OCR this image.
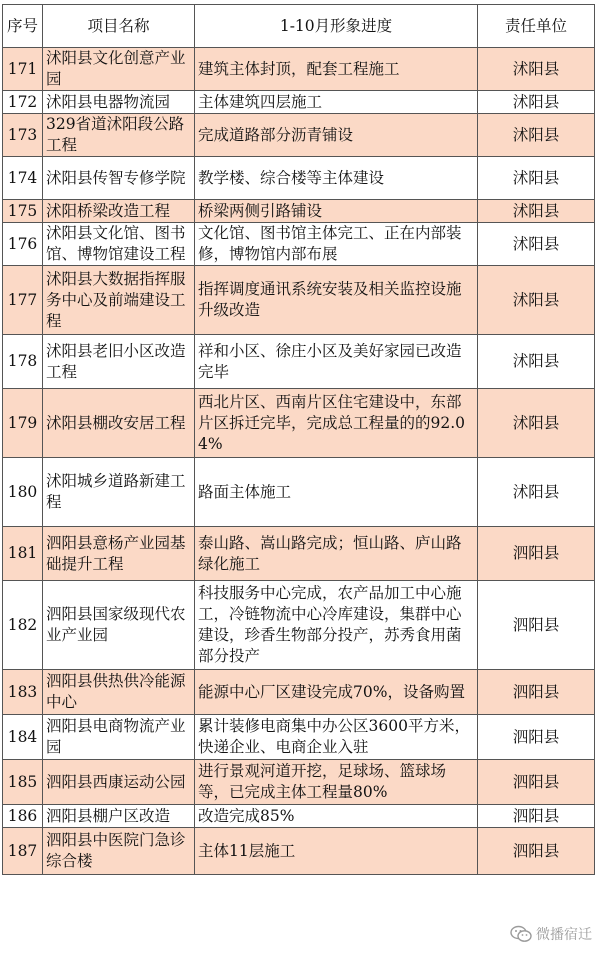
序号	项目名称	1-10月形象进度	责任单位
171	沭阳县文化创意产业园	建筑主体封顶，配套工程施工	沭阳县
172	沭阳县电器物流园	主体建筑四层施工	沭阳县
173	329省道沭阳段公路工程	完成道路部分沥青铺设	沭阳县
174	沭阳县传智专修学院	教学楼、综合楼等主体建设	沭阳县
175	沭阳桥梁改造工程	桥梁两侧引路铺设	沭阳县
176	沭阳县文化馆、图书馆、博物馆建设工程	文化馆、图书馆主体完工、正在内部装修，博物馆内部布展	沭阳县
177	沭阳县大数据指挥服务中心及前端建设工程	指挥调度通讯系统安装及相关监控设施升级改造	沭阳县
178	沭阳县老旧小区改造工程	祥和小区、徐庄小区及美好家园已改造完毕	沭阳县
179	沭阳县棚改安居工程	西北片区、西南片区住宅建设中，东部片区拆迁完毕，完成总工程量的的92.04%	沭阳县
180	沭阳城乡道路新建工程	路面主体施工	沭阳县
181	泗阳县意杨产业园基础提升工程	泰山路、嵩山路完成；恒山路、庐山路绿化施工	泗阳县
182	泗阳县国家级现代农业产业园	科技服务中心完成，农产品加工中心施工，冷链物流中心冷库建设，集群中心建设，珍香生物部分投产，苏秀食用菌部分投产	泗阳县
183	泗阳县供热供冷能源中心	能源中心厂区建设完成70%，设备购置	泗阳县
184	泗阳县电商物流产业园	累计装修电商集中办公区3600平方米，快递企业、电商企业入驻	泗阳县
185	泗阳县西康运动公园	进行景观河道开挖，足球场、篮球场等，已完成主体工程量80%	泗阳县
186	泗阳县棚户区改造	改造完成85%	泗阳县
187	泗阳县中医院门急诊综合楼	主体11层施工	泗阳县
微播宿迁
